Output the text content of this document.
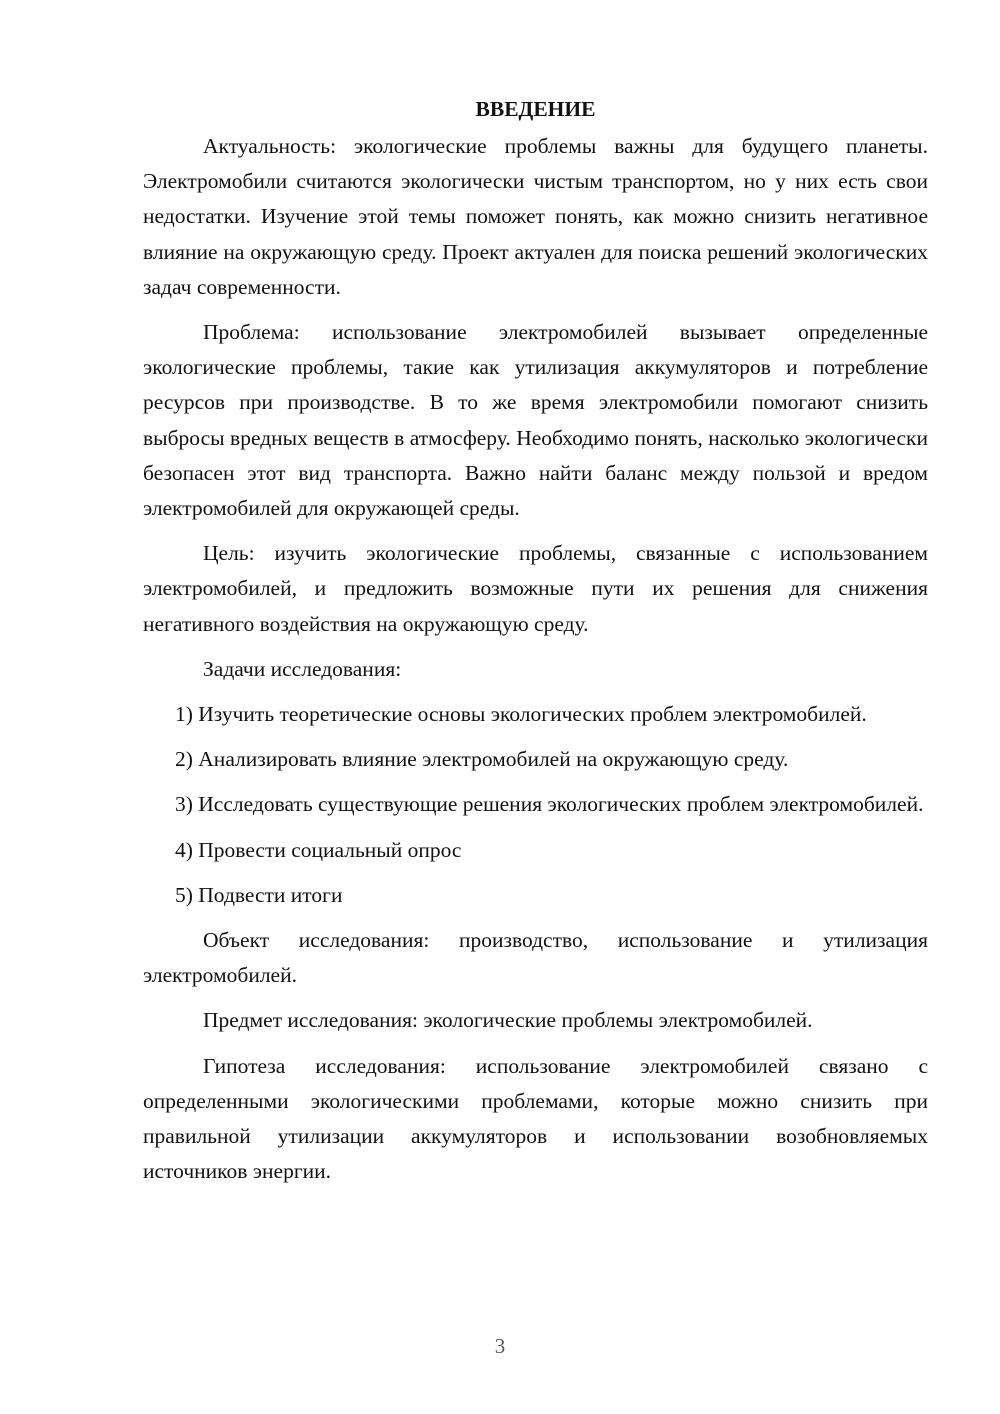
ВВЕДЕНИЕ

Актуальность: экологические проблемы важны для будущего планеты. Электромобили считаются экологически чистым транспортом, но у них есть свои недостатки. Изучение этой темы поможет понять, как можно снизить негативное влияние на окружающую среду. Проект актуален для поиска решений экологических задач современности.

Проблема: использование электромобилей вызывает определенные экологические проблемы, такие как утилизация аккумуляторов и потребление ресурсов при производстве. В то же время электромобили помогают снизить выбросы вредных веществ в атмосферу. Необходимо понять, насколько экологически безопасен этот вид транспорта. Важно найти баланс между пользой и вредом электромобилей для окружающей среды.

Цель: изучить экологические проблемы, связанные с использованием электромобилей, и предложить возможные пути их решения для снижения негативного воздействия на окружающую среду.

Задачи исследования:

1) Изучить теоретические основы экологических проблем электромобилей.

2) Анализировать влияние электромобилей на окружающую среду.

3) Исследовать существующие решения экологических проблем электромобилей.

4) Провести социальный опрос

5) Подвести итоги

Объект исследования: производство, использование и утилизация электромобилей.

Предмет исследования: экологические проблемы электромобилей.

Гипотеза исследования: использование электромобилей связано с определенными экологическими проблемами, которые можно снизить при правильной утилизации аккумуляторов и использовании возобновляемых источников энергии.

3
